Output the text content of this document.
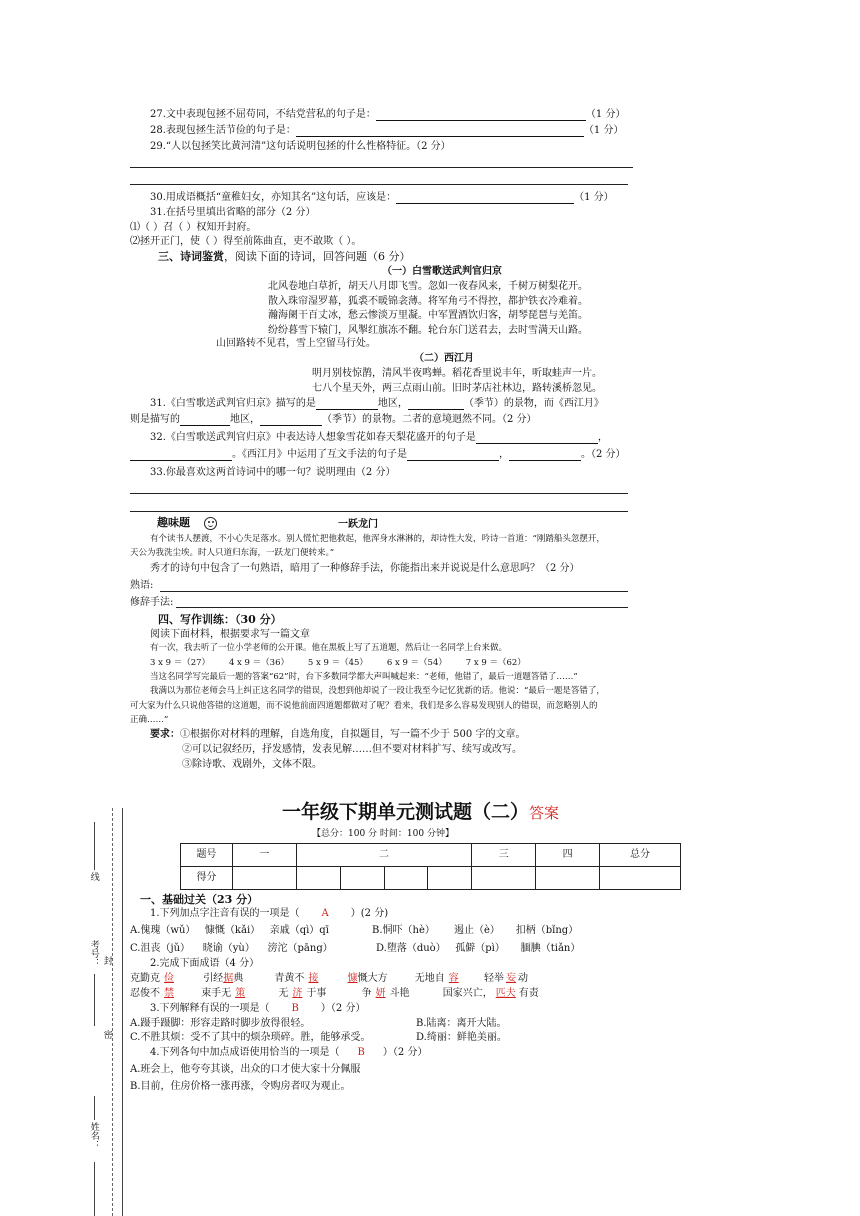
27.文中表现包拯不屈苟同，不结党营私的句子是：	（1 分）
28.表现包拯生活节俭的句子是：	（1 分）
29.“人以包拯笑比黄河清”这句话说明包拯的什么性格特征。（2 分）
30.用成语概括“童稚妇女，亦知其名”这句话，应该是：	（1 分）
31.在括号里填出省略的部分（2 分）
⑴（ ）召（ ）权知开封府。
⑵拯开正门，使（ ）得至前陈曲直，吏不敢欺（ ）。
三、诗词鉴赏，阅读下面的诗词，回答问题（6 分）
（一）白雪歌送武判官归京
北风卷地白草折，胡天八月即飞雪。忽如一夜春风来，千树万树梨花开。
散入珠帘湿罗幕，狐裘不暖锦衾薄。将军角弓不得控，都护铁衣冷难着。
瀚海阑干百丈冰，愁云惨淡万里凝。中军置酒饮归客，胡琴琵琶与羌笛。
纷纷暮雪下辕门，风掣红旗冻不翻。轮台东门送君去，去时雪满天山路。
山回路转不见君，雪上空留马行处。
（二）西江月
明月别枝惊鹊，清风半夜鸣蝉。稻花香里说丰年，听取蛙声一片。
七八个星天外，两三点雨山前。旧时茅店社林边，路转溪桥忽见。
31.《白雪歌送武判官归京》描写的是	地区，	（季节）的景物，而《西江月》
则是描写的	地区，	（季节）的景物。二者的意境迥然不同。（2 分）
32.《白雪歌送武判官归京》中表达诗人想象雪花如春天梨花盛开的句子是	，
。《西江月》中运用了互文手法的句子是	，	。（2 分）
33.你最喜欢这两首诗词中的哪一句？说明理由（2 分）
趣味题	一跃龙门
有个读书人摆渡，不小心失足落水。别人慌忙把他救起，他浑身水淋淋的，却诗性大发，吟诗一首道：“刚踏船头忽摆开，
天公为我洗尘埃。时人只道归东海，一跃龙门便转来。”
秀才的诗句中包含了一句熟语，暗用了一种修辞手法，你能指出来并说说是什么意思吗？（2 分）
熟语:
修辞手法:
四、写作训练：（30 分）
阅读下面材料，根据要求写一篇文章
有一次，我去听了一位小学老师的公开课。他在黑板上写了五道题，然后让一名同学上台来做。
3 x 9 ＝（27）       4 x 9 ＝（36）       5 x 9 ＝（45）       6 x 9 ＝（54）       7 x 9 ＝（62）
当这名同学写完最后一题的答案“62”时，台下多数同学都大声叫喊起来：“老师，他错了，最后一道题答错了……”
我满以为那位老师会马上纠正这名同学的错误，没想到他却说了一段让我至今记忆犹新的话。他说：“最后一题是答错了，
可大家为什么只说他答错的这道题，而不说他前面四道题都做对了呢？看来，我们是多么容易发现别人的错误，而忽略别人的
正确……”
要求：①根据你对材料的理解，自选角度，自拟题目，写一篇不少于 500 字的文章。
②可以记叙经历，抒发感情，发表见解……但不要对材料扩写、续写或改写。
③除诗歌、戏剧外，文体不限。
线
考号： 封
密
姓名：
一年级下期单元测试题（二）答案
【总分：100 分 时间：100 分钟】
题号	一	二				三	四	总分
得分								
一、基础过关（23 分）
1.下列加点字注音有误的一项是（ A ）(2 分)
A.傀瑰（wǔ）   慷慨（kǎi）   亲戚（qì）qī	B.恫吓（hè）      遏止（è）     扣柄（bǐng）
C.沮丧（jǔ）    晓谕（yù）    滂沱（pāng）	D.堕落（duò）   孤僻（pì）     腼腆（tiǎn）
2.完成下面成语（4 分）
克勤克 俭	引经据典	青黄不 接	慷慨大方	无地自 容	轻举 妄 动
忍俊不 禁	束手无 策	无 济 于事	争 妍 斗艳	国家兴亡， 匹夫 有责
3.下列解释有误的一项是（ B ）（2 分）
A.蹑手蹑脚：形容走路时脚步放得很轻。	B.陆离：离开大陆。
C.不胜其烦：受不了其中的烦杂琐碎。胜，能够承受。	D.绮丽：鲜艳美丽。
4.下列各句中加点成语使用恰当的一项是（ B ）（2 分）
A.班会上，他夸夸其谈，出众的口才使大家十分佩服
B.目前，住房价格一涨再涨，令购房者叹为观止。
